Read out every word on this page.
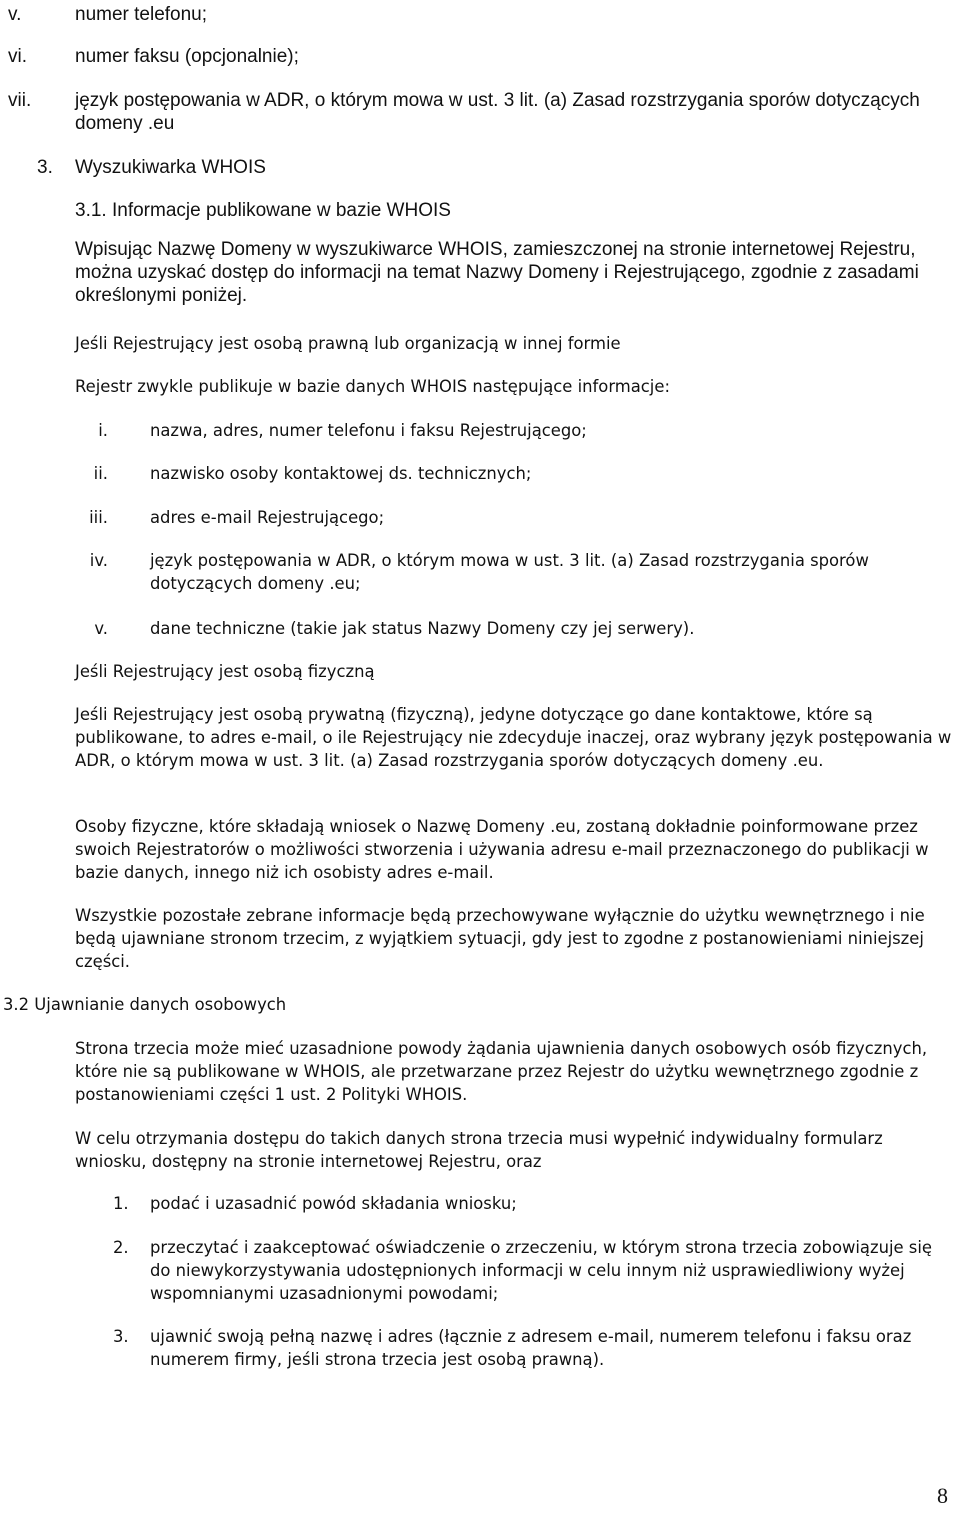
v.	numer telefonu;
vi.	numer faksu (opcjonalnie);
vii. język postępowania w ADR, o którym mowa w ust. 3 lit. (a) Zasad rozstrzygania sporów dotyczących domeny .eu

3. Wyszukiwarka WHOIS
3.1. Informacje publikowane w bazie WHOIS

Wpisując Nazwę Domeny w wyszukiwarce WHOIS, zamieszczonej na stronie internetowej Rejestru, można uzyskać dostęp do informacji na temat Nazwy Domeny i Rejestrującego, zgodnie z zasadami określonymi poniżej.

Jeśli Rejestrujący jest osobą prawną lub organizacją w innej formie
Rejestr zwykle publikuje w bazie danych WHOIS następujące informacje:
i.	nazwa, adres, numer telefonu i faksu Rejestrującego;
ii.	nazwisko osoby kontaktowej ds. technicznych;
iii.	adres e-mail Rejestrującego;
iv.	język postępowania w ADR, o którym mowa w ust. 3 lit. (a) Zasad rozstrzygania sporów dotyczących domeny .eu;

v.	dane techniczne (takie jak status Nazwy Domeny czy jej serwery).
Jeśli Rejestrujący jest osobą fizyczną

Jeśli Rejestrujący jest osobą prywatną (fizyczną), jedyne dotyczące go dane kontaktowe, które są publikowane, to adres e-mail, o ile Rejestrujący nie zdecyduje inaczej, oraz wybrany język postępowania w ADR, o którym mowa w ust. 3 lit. (a) Zasad rozstrzygania sporów dotyczących domeny .eu.

Osoby fizyczne, które składają wniosek o Nazwę Domeny .eu, zostaną dokładnie poinformowane przez swoich Rejestratorów o możliwości stworzenia i używania adresu e-mail przeznaczonego do publikacji w bazie danych, innego niż ich osobisty adres e-mail.

Wszystkie pozostałe zebrane informacje będą przechowywane wyłącznie do użytku wewnętrznego i nie będą ujawniane stronom trzecim, z wyjątkiem sytuacji, gdy jest to zgodne z postanowieniami niniejszej części.

3.2 Ujawnianie danych osobowych

Strona trzecia może mieć uzasadnione powody żądania ujawnienia danych osobowych osób fizycznych, które nie są publikowane w WHOIS, ale przetwarzane przez Rejestr do użytku wewnętrznego zgodnie z postanowieniami części 1 ust. 2 Polityki WHOIS.

W celu otrzymania dostępu do takich danych strona trzecia musi wypełnić indywidualny formularz wniosku, dostępny na stronie internetowej Rejestru, oraz

1. podać i uzasadnić powód składania wniosku;
2. przeczytać i zaakceptować oświadczenie o zrzeczeniu, w którym strona trzecia zobowiązuje się do niewykorzystywania udostępnionych informacji w celu innym niż usprawiedliwiony wyżej wspomnianymi uzasadnionymi powodami;

3. ujawnić swoją pełną nazwę i adres (łącznie z adresem e-mail, numerem telefonu i faksu oraz numerem firmy, jeśli strona trzecia jest osobą prawną).

8
